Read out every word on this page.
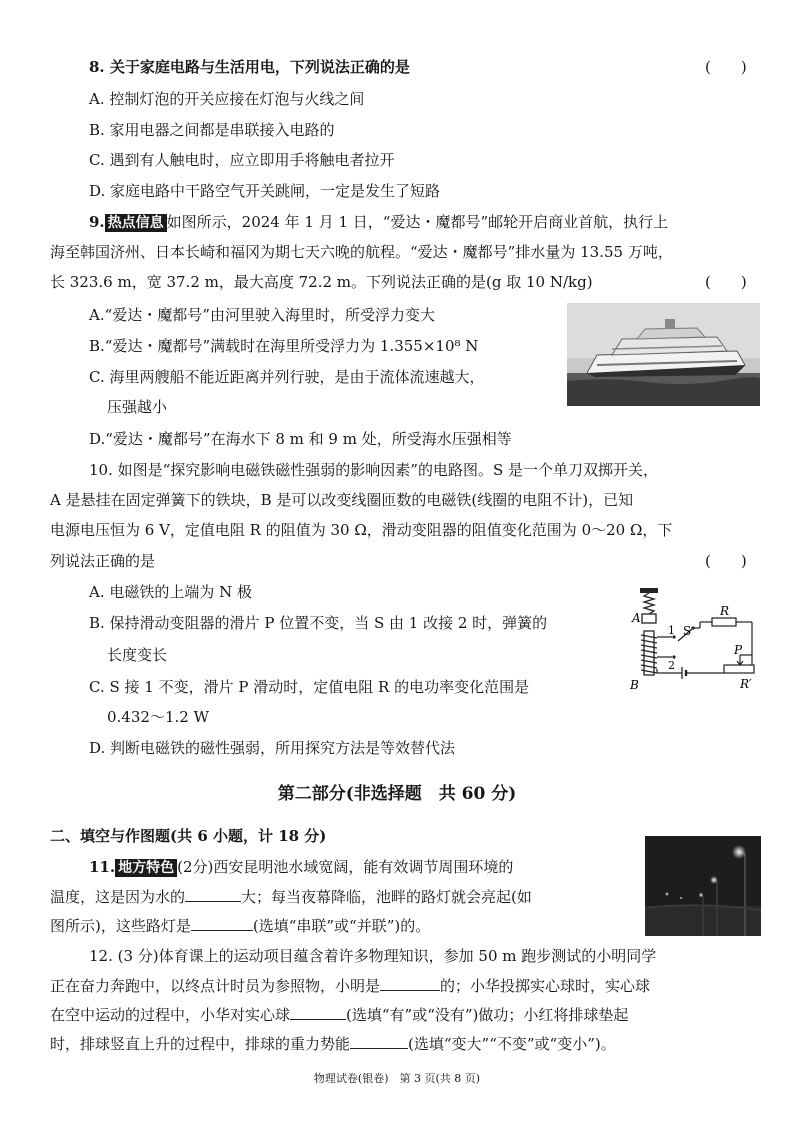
8. 关于家庭电路与生活用电，下列说法正确的是	(　　)
A. 控制灯泡的开关应接在灯泡与火线之间
B. 家用电器之间都是串联接入电路的
C. 遇到有人触电时，应立即用手将触电者拉开
D. 家庭电路中干路空气开关跳闸，一定是发生了短路
9. 热点信息 如图所示，2024 年 1 月 1 日，“爱达・魔都号”邮轮开启商业首航，执行上
海至韩国济州、日本长崎和福冈为期七天六晚的航程。“爱达・魔都号”排水量为 13.55 万吨，
长 323.6 m，宽 37.2 m，最大高度 72.2 m。下列说法正确的是(g 取 10 N/kg)	(　　)
A.“爱达・魔都号”由河里驶入海里时，所受浮力变大
B.“爱达・魔都号”满载时在海里所受浮力为 1.355×10⁸ N
C. 海里两艘船不能近距离并列行驶，是由于流体流速越大，
压强越小
D.“爱达・魔都号”在海水下 8 m 和 9 m 处，所受海水压强相等
10. 如图是“探究影响电磁铁磁性强弱的影响因素”的电路图。S 是一个单刀双掷开关，
A 是悬挂在固定弹簧下的铁块，B 是可以改变线圈匝数的电磁铁(线圈的电阻不计)，已知
电源电压恒为 6 V，定值电阻 R 的阻值为 30 Ω，滑动变阻器的阻值变化范围为 0～20 Ω，下
列说法正确的是	(　　)
A. 电磁铁的上端为 N 极
B. 保持滑动变阻器的滑片 P 位置不变，当 S 由 1 改接 2 时，弹簧的
长度变长
C. S 接 1 不变，滑片 P 滑动时，定值电阻 R 的电功率变化范围是
0.432～1.2 W
D. 判断电磁铁的磁性强弱，所用探究方法是等效替代法
A
B
S
1
2
R
P
R′
第二部分(非选择题　共 60 分)
二、填空与作图题(共 6 小题，计 18 分)
11. 地方特色 (2分)西安昆明池水域宽阔，能有效调节周围环境的
温度，这是因为水的	大；每当夜幕降临，池畔的路灯就会亮起(如
图所示)，这些路灯是	(选填“串联”或“并联”)的。
12. (3 分)体育课上的运动项目蕴含着许多物理知识，参加 50 m 跑步测试的小明同学
正在奋力奔跑中，以终点计时员为参照物，小明是	的；小华投掷实心球时，实心球
在空中运动的过程中，小华对实心球	(选填“有”或“没有”)做功；小红将排球垫起
时，排球竖直上升的过程中，排球的重力势能	(选填“变大”“不变”或“变小”)。
物理试卷(银卷)　第 3 页(共 8 页)
